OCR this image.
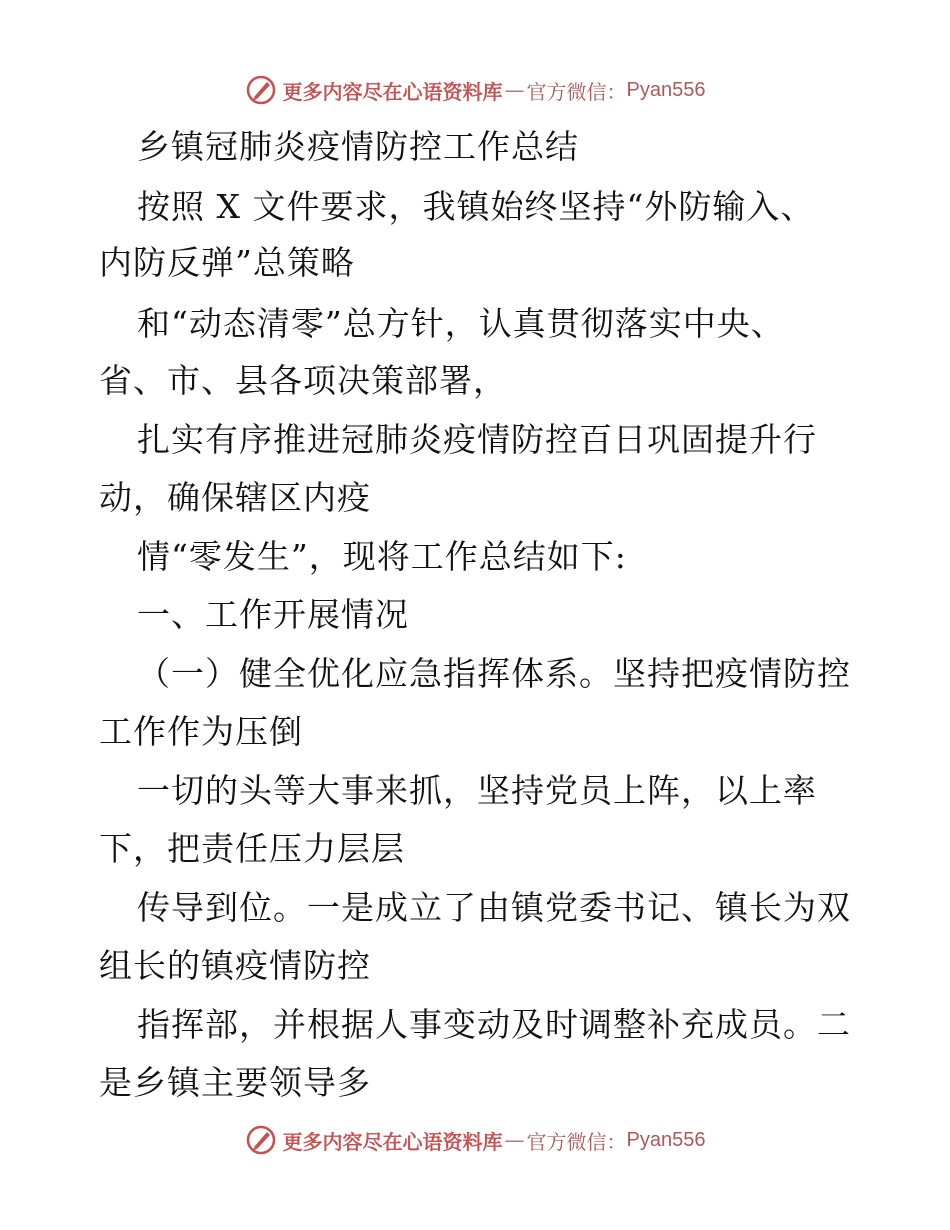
更多内容尽在心语资料库 — 官方微信： Pyan556
乡镇冠肺炎疫情防控工作总结
按照 X 文件要求，我镇始终坚持“外防输入、
内防反弹”总策略
和“动态清零”总方针，认真贯彻落实中央、
省、市、县各项决策部署，
扎实有序推进冠肺炎疫情防控百日巩固提升行
动，确保辖区内疫
情“零发生”，现将工作总结如下:
一、工作开展情况
（一）健全优化应急指挥体系。坚持把疫情防控
工作作为压倒
一切的头等大事来抓，坚持党员上阵，以上率
下，把责任压力层层
传导到位。一是成立了由镇党委书记、镇长为双
组长的镇疫情防控
指挥部，并根据人事变动及时调整补充成员。二
是乡镇主要领导多
更多内容尽在心语资料库 — 官方微信： Pyan556
